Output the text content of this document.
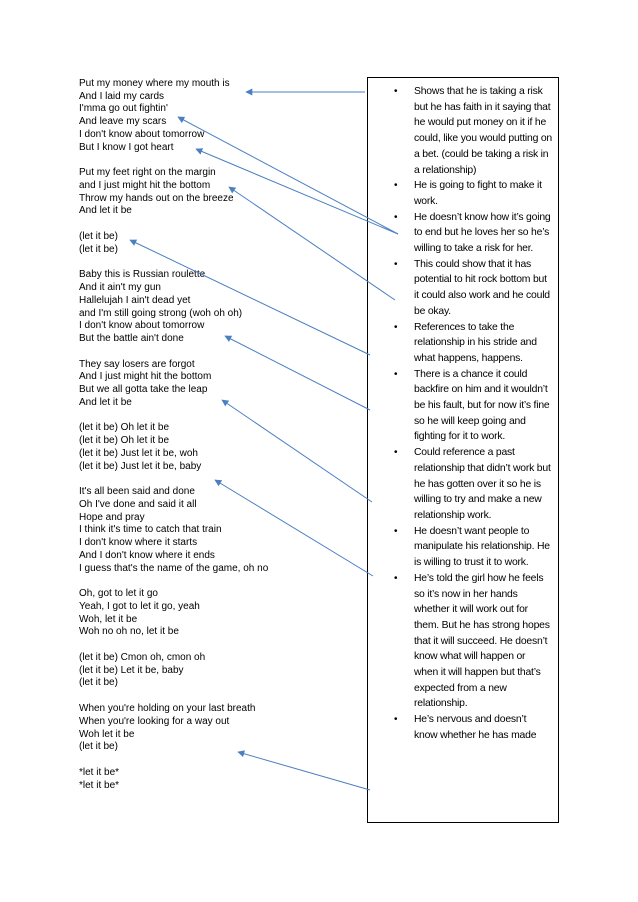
Put my money where my mouth is
And I laid my cards
I'mma go out fightin'
And leave my scars
I don't know about tomorrow
But I know I got heart
Put my feet right on the margin
and I just might hit the bottom
Throw my hands out on the breeze
And let it be
(let it be)
(let it be)
Baby this is Russian roulette
And it ain't my gun
Hallelujah I ain't dead yet
and I'm still going strong (woh oh oh)
I don't know about tomorrow
But the battle ain't done
They say losers are forgot
And I just might hit the bottom
But we all gotta take the leap
And let it be
(let it be) Oh let it be
(let it be) Oh let it be
(let it be) Just let it be, woh
(let it be) Just let it be, baby
It's all been said and done
Oh I've done and said it all
Hope and pray
I think it's time to catch that train
I don't know where it starts
And I don't know where it ends
I guess that's the name of the game, oh no
Oh, got to let it go
Yeah, I got to let it go, yeah
Woh, let it be
Woh no oh no, let it be
(let it be) Cmon oh, cmon oh
(let it be) Let it be, baby
(let it be)
When you're holding on your last breath
When you're looking for a way out
Woh let it be
(let it be)
*let it be*
*let it be*
• Shows that he is taking a risk but he has faith in it saying that he would put money on it if he could, like you would putting on a bet. (could be taking a risk in a relationship)
• He is going to fight to make it work.
• He doesn’t know how it’s going to end but he loves her so he’s willing to take a risk for her.
• This could show that it has potential to hit rock bottom but it could also work and he could be okay.
• References to take the relationship in his stride and what happens, happens.
• There is a chance it could backfire on him and it wouldn’t be his fault, but for now it’s fine so he will keep going and fighting for it to work.
• Could reference a past relationship that didn’t work but he has gotten over it so he is willing to try and make a new relationship work.
• He doesn’t want people to manipulate his relationship. He is willing to trust it to work.
• He’s told the girl how he feels so it’s now in her hands whether it will work out for them. But he has strong hopes that it will succeed. He doesn’t know what will happen or when it will happen but that’s expected from a new relationship.
• He’s nervous and doesn’t know whether he has made
